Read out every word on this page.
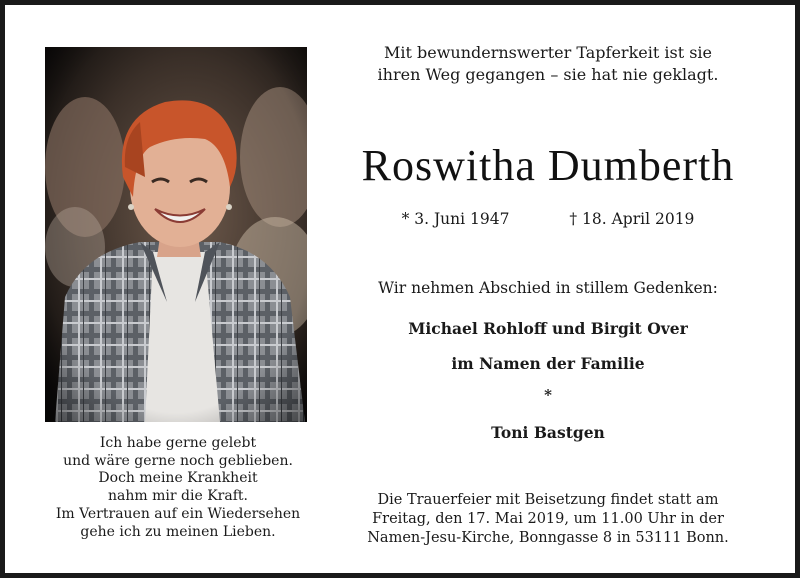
Ich habe gerne gelebt
und wäre gerne noch geblieben.
Doch meine Krankheit
nahm mir die Kraft.
Im Vertrauen auf ein Wiedersehen
gehe ich zu meinen Lieben.
Mit bewundernswerter Tapferkeit ist sie
ihren Weg gegangen – sie hat nie geklagt.
Roswitha Dumberth
* 3. Juni 1947	† 18. April 2019
Wir nehmen Abschied in stillem Gedenken:
Michael Rohloff und Birgit Over
im Namen der Familie
*
Toni Bastgen
Die Trauerfeier mit Beisetzung findet statt am
Freitag, den 17. Mai 2019, um 11.00 Uhr in der
Namen-Jesu-Kirche, Bonngasse 8 in 53111 Bonn.
